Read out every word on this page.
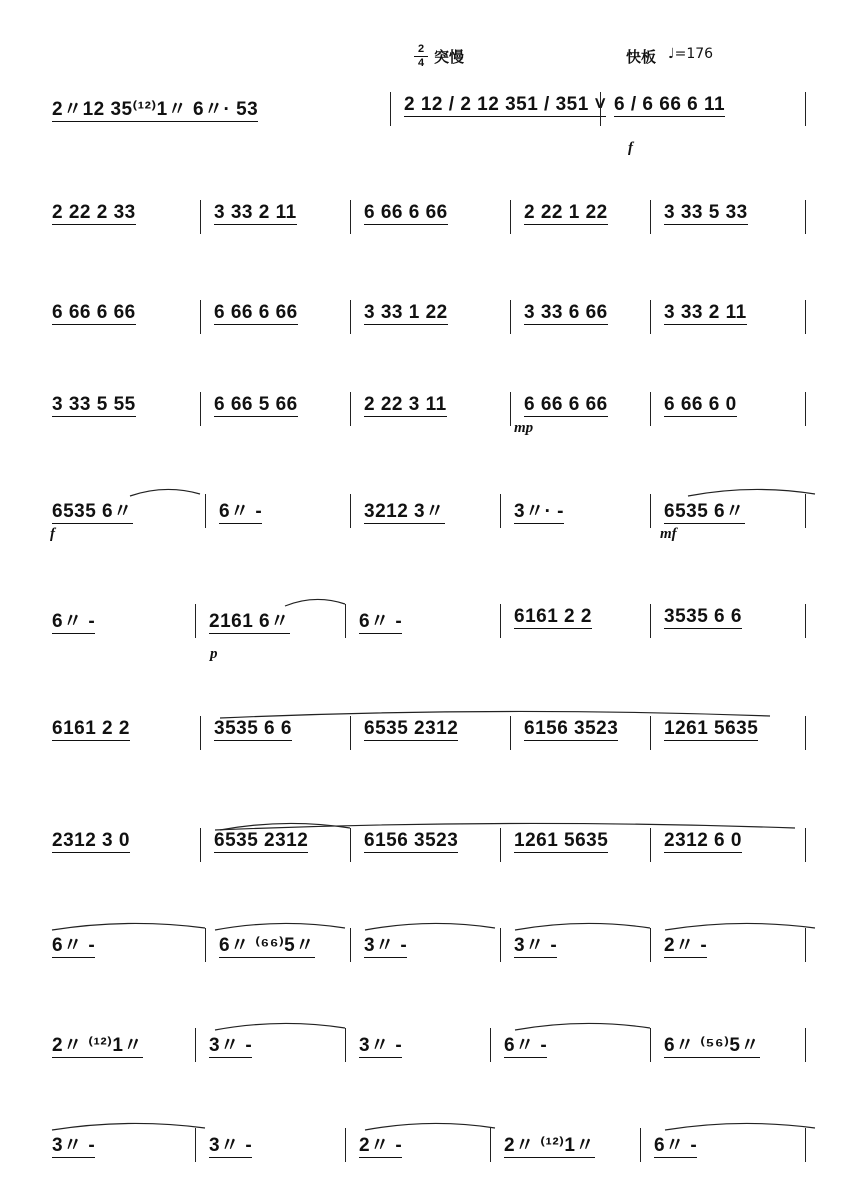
2
4 突慢	快板 ♩=176
2〃12 35⁽¹²⁾1〃 6〃· 53	2 12 / 2 12 351 / 351 ˅ 6 / 6 66 6 11
f
2 22 2 33	3 33 2 11	6 66 6 66	2 22 1 22	3 33 5 33
6 66 6 66	6 66 6 66	3 33 1 22	3 33 6 66	3 33 2 11
3 33 5 55	6 66 5 66	2 22 3 11	6 66 6 66	6 66 6 0
mp
6535 6〃	6〃 -	3212 3〃	3〃· -	6535 6〃
f	mf
6〃 -	2161 6〃	6〃 -	6161 2 2	3535 6 6
p
6161 2 2	3535 6 6	6535 2312	6156 3523	1261 5635
2312 3 0	6535 2312	6156 3523	1261 5635	2312 6 0
6〃 -	6〃 ⁽⁶⁶⁾5〃	3〃 -	3〃 -	2〃 -
2〃 ⁽¹²⁾1〃	3〃 -	3〃 -	6〃 -	6〃 ⁽⁵⁶⁾5〃
3〃 -	3〃 -	2〃 -	2〃 ⁽¹²⁾1〃	6〃 -
